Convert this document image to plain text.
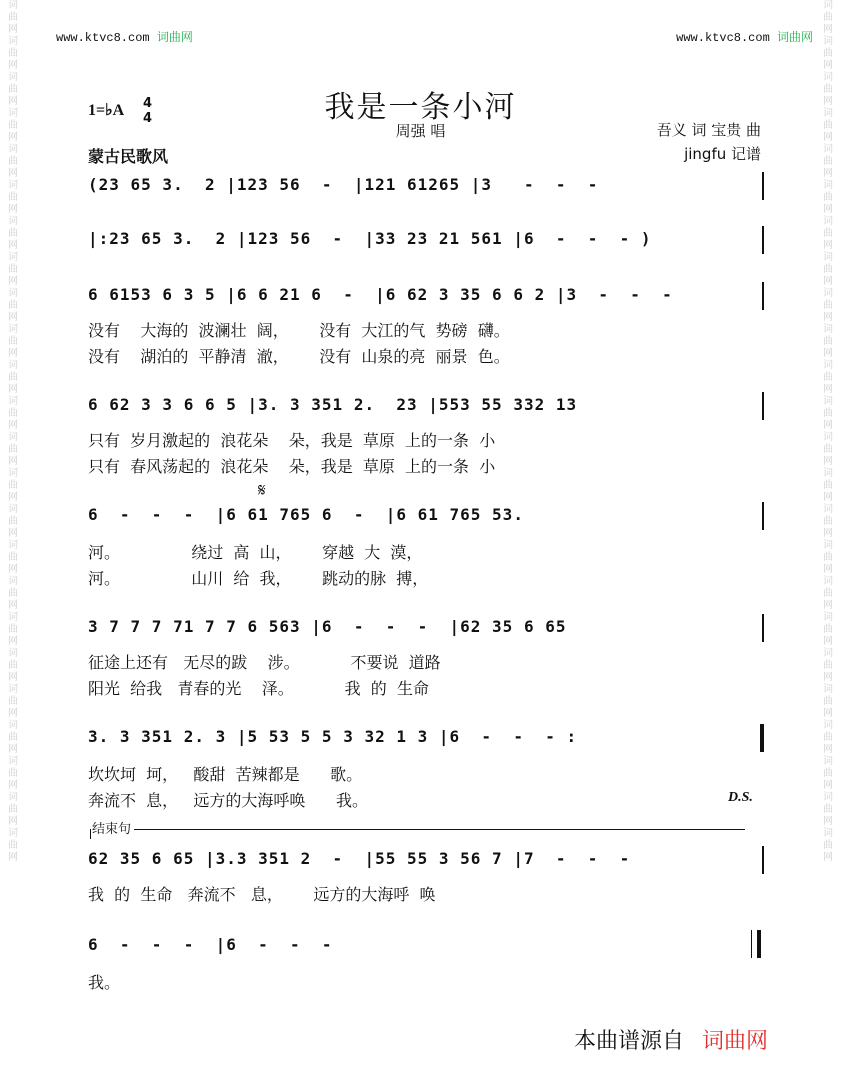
词曲网词曲网词曲网词曲网词曲网词曲网词曲网词曲网词曲网词曲网词曲网词曲网词曲网词曲网词曲网词曲网词曲网词曲网词曲网词曲网词曲网词曲网词曲网词曲网
词曲网词曲网词曲网词曲网词曲网词曲网词曲网词曲网词曲网词曲网词曲网词曲网词曲网词曲网词曲网词曲网词曲网词曲网词曲网词曲网词曲网词曲网词曲网词曲网
www.ktvc8.com 词曲网	www.ktvc8.com 词曲网
我是一条小河
周强 唱
1=♭A 4
4
蒙古民歌风
吾义 词 宝贵 曲
jingfu 记谱
(23 65 3.  2 |123 56  -  |121 61265 |3   -  -  -
|:23 65 3.  2 |123 56  -  |33 23 21 561 |6  -  -  - )
6 6153 6 3 5 |6 6 21 6  -  |6 62 3 35 6 6 2 |3  -  -  -
没有    大海的  波澜壮  阔，      没有  大江的气  势磅  礴。
没有    湖泊的  平静清  澈，      没有  山泉的亮  丽景  色。
6 62 3 3 6 6 5 |3. 3 351 2.  23 |553 55 332 13
只有  岁月激起的  浪花朵    朵，我是  草原  上的一条  小
只有  春风荡起的  浪花朵    朵，我是  草原  上的一条  小
𝄋
6  -  -  -  |6 61 765 6  -  |6 61 765 53.
河。              绕过  高  山，      穿越  大  漠，
河。              山川  给  我，      跳动的脉  搏，
3 7 7 7 71 7 7 6 563 |6  -  -  -  |62 35 6 65
征途上还有   无尽的跋    涉。          不要说  道路
阳光  给我   青春的光    泽。          我  的  生命
3. 3 351 2. 3 |5 53 5 5 3 32 1 3 |6  -  -  - :
坎坎坷  坷，   酸甜  苦辣都是      歌。
奔流不  息，   远方的大海呼唤      我。	D.S.
结束句
62 35 6 65 |3.3 351 2  -  |55 55 3 56 7 |7  -  -  -
我  的  生命   奔流不   息，      远方的大海呼  唤
6  -  -  -  |6  -  -  -
我。
本曲谱源自 词曲网
